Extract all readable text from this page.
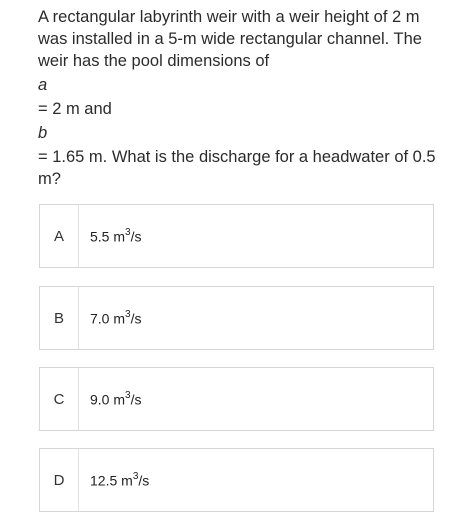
A rectangular labyrinth weir with a weir height of 2 m was installed in a 5-m wide rectangular channel. The weir has the pool dimensions of

a

= 2 m and

b

= 1.65 m. What is the discharge for a headwater of 0.5 m?

A	5.5 $m^3/s$
B	7.0 $m^3/s$
C	9.0 $m^3/s$
D	12.5 $m^3/s$
